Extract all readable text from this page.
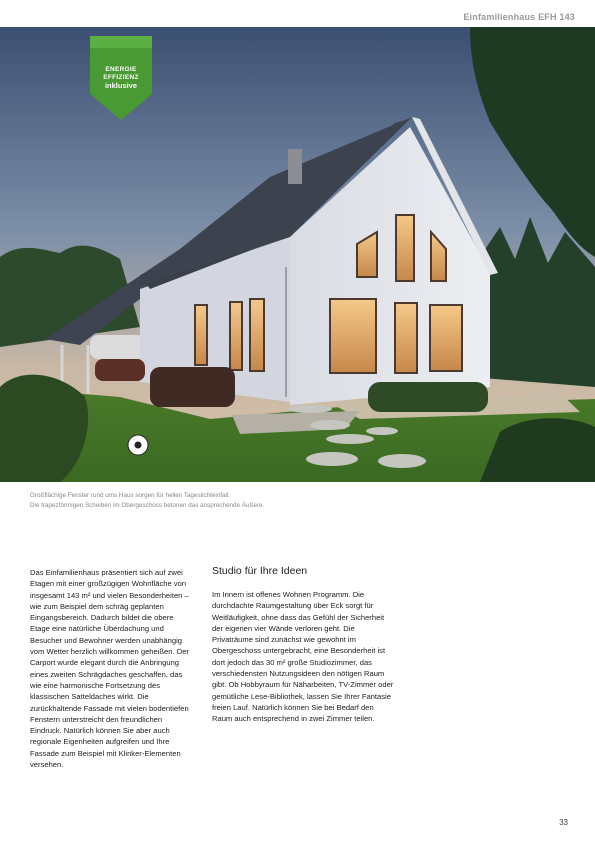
Einfamilienhaus EFH 143
ENERGIE
EFFIZIENZ
inklusive
Großflächige Fenster rund ums Haus sorgen für hellen Tageslichteinfall.
Die trapezförmigen Scheiben im Obergeschoss betonen das ansprechende Äußere.

Das Einfamilienhaus präsentiert sich auf zwei Etagen mit einer großzügigen Wohnfläche von insgesamt 143 m² und vielen Besonderheiten – wie zum Beispiel dem schräg geplanten Eingangsbereich. Dadurch bildet die obere Etage eine natürliche Überdachung und Besucher und Bewohner werden unabhängig vom Wetter herzlich willkommen geheißen. Der Carport wurde elegant durch die Anbringung eines zweiten Schrägdaches geschaffen, das wie eine harmonische Fortsetzung des klassischen Satteldaches wirkt. Die zurückhaltende Fassade mit vielen bodentiefen Fenstern unterstreicht den freundlichen Eindruck. Natürlich können Sie aber auch regionale Eigenheiten aufgreifen und Ihre Fassade zum Beispiel mit Klinker-Elementen versehen.

Studio für Ihre Ideen

Im Innern ist offenes Wohnen Programm. Die durchdachte Raumgestaltung über Eck sorgt für Weitläufigkeit, ohne dass das Gefühl der Sicherheit der eigenen vier Wände verloren geht. Die Privaträume sind zunächst wie gewohnt im Obergeschoss untergebracht, eine Besonderheit ist dort jedoch das 30 m² große Studiozimmer, das verschiedensten Nutzungsideen den nötigen Raum gibt. Ob Hobbyraum für Näharbeiten, TV-Zimmer oder gemütliche Lese-Bibliothek, lassen Sie Ihrer Fantasie freien Lauf. Natürlich können Sie bei Bedarf den Raum auch entsprechend in zwei Zimmer teilen.

33
